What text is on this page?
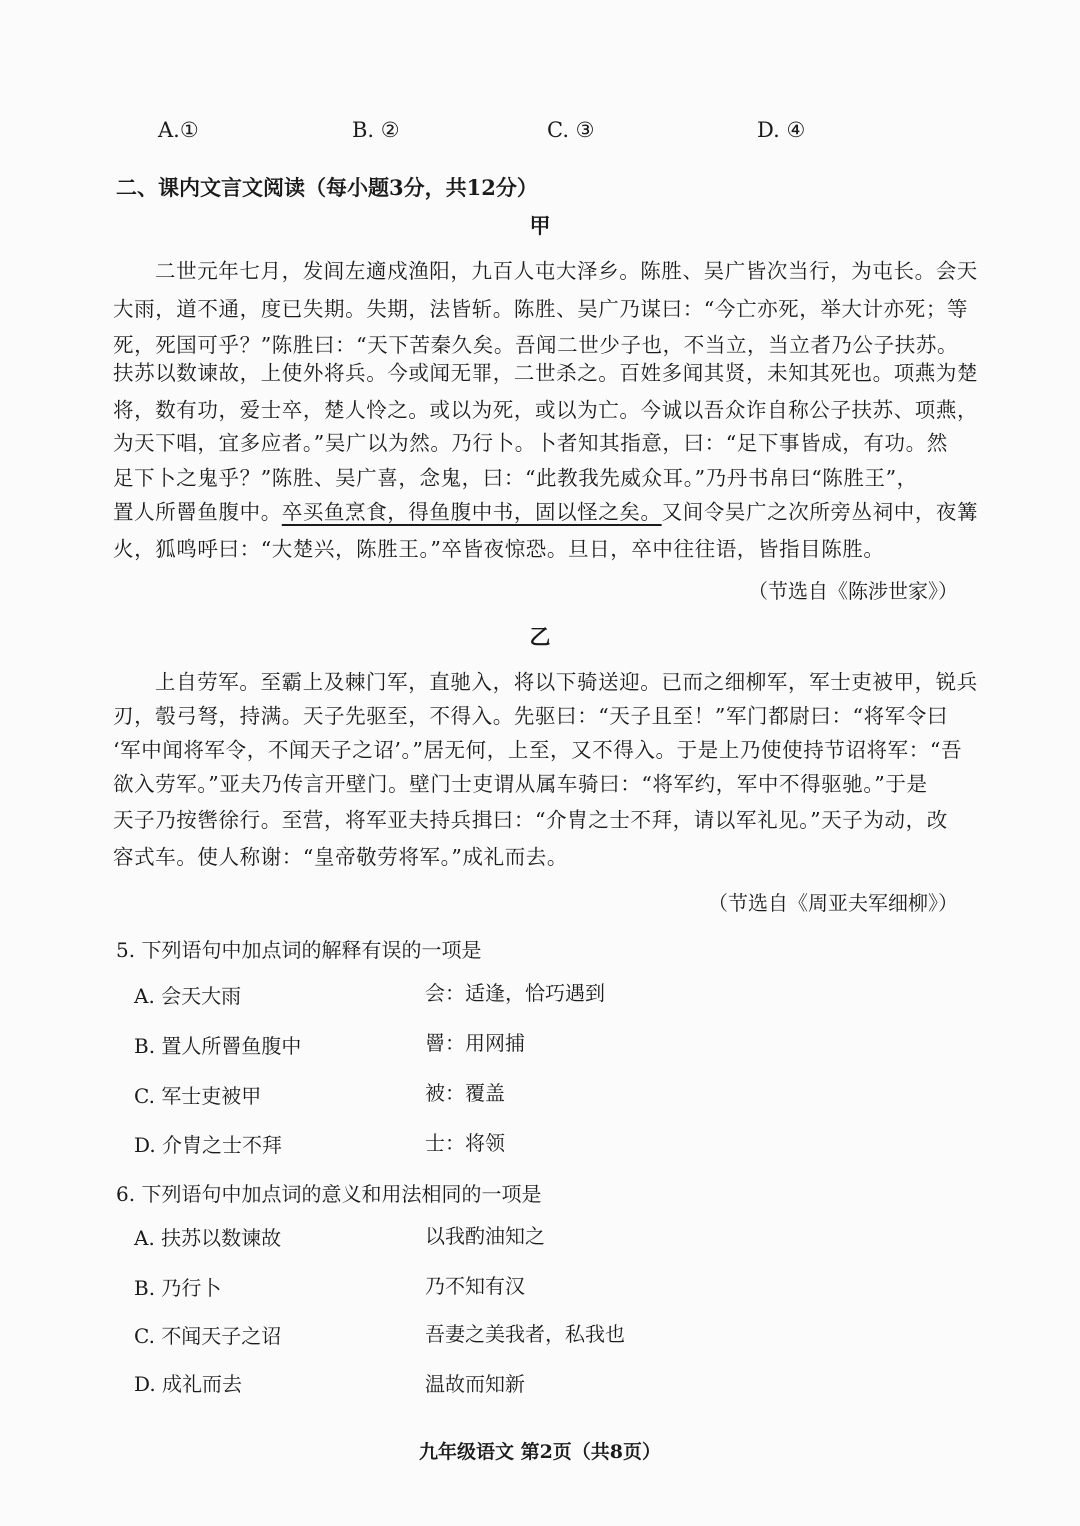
A.①	B. ②	C. ③	D. ④
二、课内文言文阅读（每小题3分，共12分）
甲
二世元年七月，发闾左適戍渔阳，九百人屯大泽乡。陈胜、吴广皆次当行，为屯长。会天
大雨，道不通，度已失期。失期，法皆斩。陈胜、吴广乃谋曰：“今亡亦死，举大计亦死；等
死，死国可乎？”陈胜曰：“天下苦秦久矣。吾闻二世少子也，不当立，当立者乃公子扶苏。
扶苏以数谏故，上使外将兵。今或闻无罪，二世杀之。百姓多闻其贤，未知其死也。项燕为楚
将，数有功，爱士卒，楚人怜之。或以为死，或以为亡。今诚以吾众诈自称公子扶苏、项燕，
为天下唱，宜多应者。”吴广以为然。乃行卜。卜者知其指意，曰：“足下事皆成，有功。然
足下卜之鬼乎？”陈胜、吴广喜，念鬼，曰：“此教我先威众耳。”乃丹书帛曰“陈胜王”，
置人所罾鱼腹中。卒买鱼烹食，得鱼腹中书，固以怪之矣。又间令吴广之次所旁丛祠中，夜篝
火，狐鸣呼曰：“大楚兴，陈胜王。”卒皆夜惊恐。旦日，卒中往往语，皆指目陈胜。
（节选自《陈涉世家》）
乙
上自劳军。至霸上及棘门军，直驰入，将以下骑送迎。已而之细柳军，军士吏被甲，锐兵
刃，彀弓弩，持满。天子先驱至，不得入。先驱曰：“天子且至！”军门都尉曰：“将军令曰
‘军中闻将军令，不闻天子之诏’。”居无何，上至，又不得入。于是上乃使使持节诏将军：“吾
欲入劳军。”亚夫乃传言开壁门。壁门士吏谓从属车骑曰：“将军约，军中不得驱驰。”于是
天子乃按辔徐行。至营，将军亚夫持兵揖曰：“介胄之士不拜，请以军礼见。”天子为动，改
容式车。使人称谢：“皇帝敬劳将军。”成礼而去。
（节选自《周亚夫军细柳》）
5. 下列语句中加点词的解释有误的一项是
A. 会天大雨	会：适逢，恰巧遇到
B. 置人所罾鱼腹中	罾：用网捕
C. 军士吏被甲	被：覆盖
D. 介胄之士不拜	士：将领
6. 下列语句中加点词的意义和用法相同的一项是
A. 扶苏以数谏故	以我酌油知之
B. 乃行卜	乃不知有汉
C. 不闻天子之诏	吾妻之美我者，私我也
D. 成礼而去	温故而知新
九年级语文 第2页（共8页）
